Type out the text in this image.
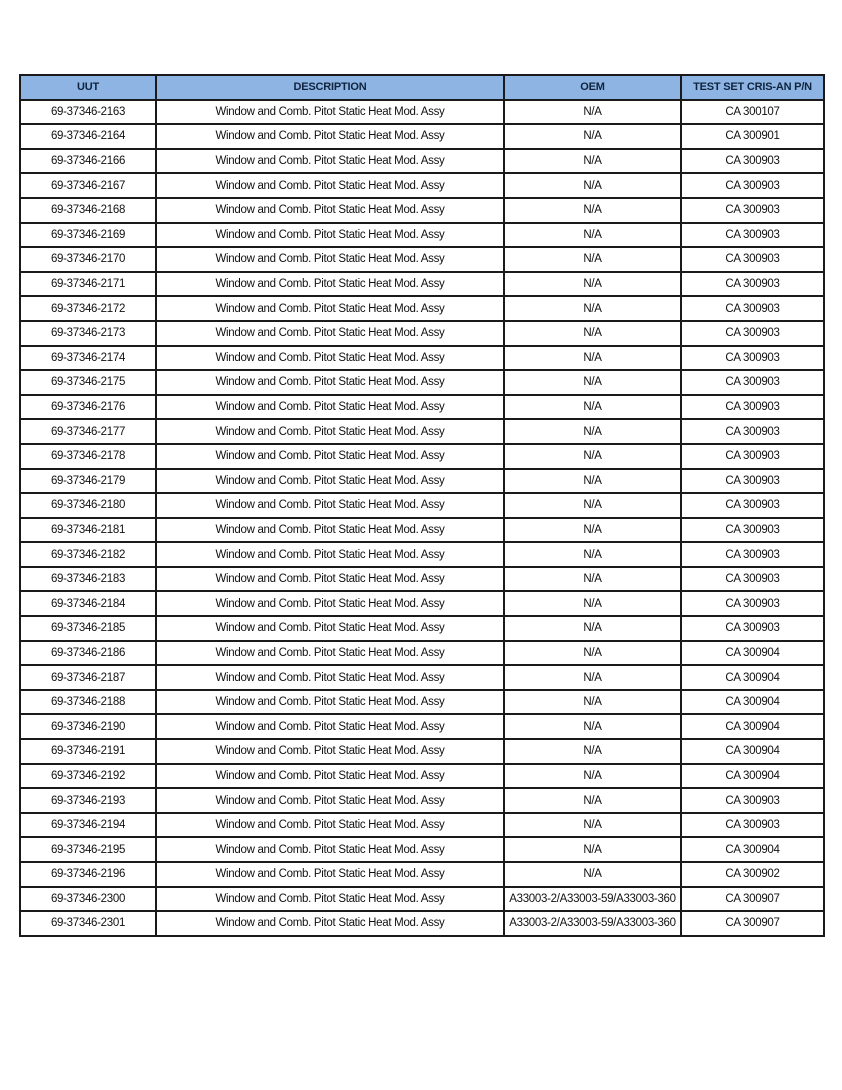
UUT	DESCRIPTION	OEM	TEST SET CRIS-AN P/N
69-37346-2163	Window and Comb. Pitot Static Heat Mod. Assy	N/A	CA 300107
69-37346-2164	Window and Comb. Pitot Static Heat Mod. Assy	N/A	CA 300901
69-37346-2166	Window and Comb. Pitot Static Heat Mod. Assy	N/A	CA 300903
69-37346-2167	Window and Comb. Pitot Static Heat Mod. Assy	N/A	CA 300903
69-37346-2168	Window and Comb. Pitot Static Heat Mod. Assy	N/A	CA 300903
69-37346-2169	Window and Comb. Pitot Static Heat Mod. Assy	N/A	CA 300903
69-37346-2170	Window and Comb. Pitot Static Heat Mod. Assy	N/A	CA 300903
69-37346-2171	Window and Comb. Pitot Static Heat Mod. Assy	N/A	CA 300903
69-37346-2172	Window and Comb. Pitot Static Heat Mod. Assy	N/A	CA 300903
69-37346-2173	Window and Comb. Pitot Static Heat Mod. Assy	N/A	CA 300903
69-37346-2174	Window and Comb. Pitot Static Heat Mod. Assy	N/A	CA 300903
69-37346-2175	Window and Comb. Pitot Static Heat Mod. Assy	N/A	CA 300903
69-37346-2176	Window and Comb. Pitot Static Heat Mod. Assy	N/A	CA 300903
69-37346-2177	Window and Comb. Pitot Static Heat Mod. Assy	N/A	CA 300903
69-37346-2178	Window and Comb. Pitot Static Heat Mod. Assy	N/A	CA 300903
69-37346-2179	Window and Comb. Pitot Static Heat Mod. Assy	N/A	CA 300903
69-37346-2180	Window and Comb. Pitot Static Heat Mod. Assy	N/A	CA 300903
69-37346-2181	Window and Comb. Pitot Static Heat Mod. Assy	N/A	CA 300903
69-37346-2182	Window and Comb. Pitot Static Heat Mod. Assy	N/A	CA 300903
69-37346-2183	Window and Comb. Pitot Static Heat Mod. Assy	N/A	CA 300903
69-37346-2184	Window and Comb. Pitot Static Heat Mod. Assy	N/A	CA 300903
69-37346-2185	Window and Comb. Pitot Static Heat Mod. Assy	N/A	CA 300903
69-37346-2186	Window and Comb. Pitot Static Heat Mod. Assy	N/A	CA 300904
69-37346-2187	Window and Comb. Pitot Static Heat Mod. Assy	N/A	CA 300904
69-37346-2188	Window and Comb. Pitot Static Heat Mod. Assy	N/A	CA 300904
69-37346-2190	Window and Comb. Pitot Static Heat Mod. Assy	N/A	CA 300904
69-37346-2191	Window and Comb. Pitot Static Heat Mod. Assy	N/A	CA 300904
69-37346-2192	Window and Comb. Pitot Static Heat Mod. Assy	N/A	CA 300904
69-37346-2193	Window and Comb. Pitot Static Heat Mod. Assy	N/A	CA 300903
69-37346-2194	Window and Comb. Pitot Static Heat Mod. Assy	N/A	CA 300903
69-37346-2195	Window and Comb. Pitot Static Heat Mod. Assy	N/A	CA 300904
69-37346-2196	Window and Comb. Pitot Static Heat Mod. Assy	N/A	CA 300902
69-37346-2300	Window and Comb. Pitot Static Heat Mod. Assy	A33003-2/A33003-59/A33003-360	CA 300907
69-37346-2301	Window and Comb. Pitot Static Heat Mod. Assy	A33003-2/A33003-59/A33003-360	CA 300907
